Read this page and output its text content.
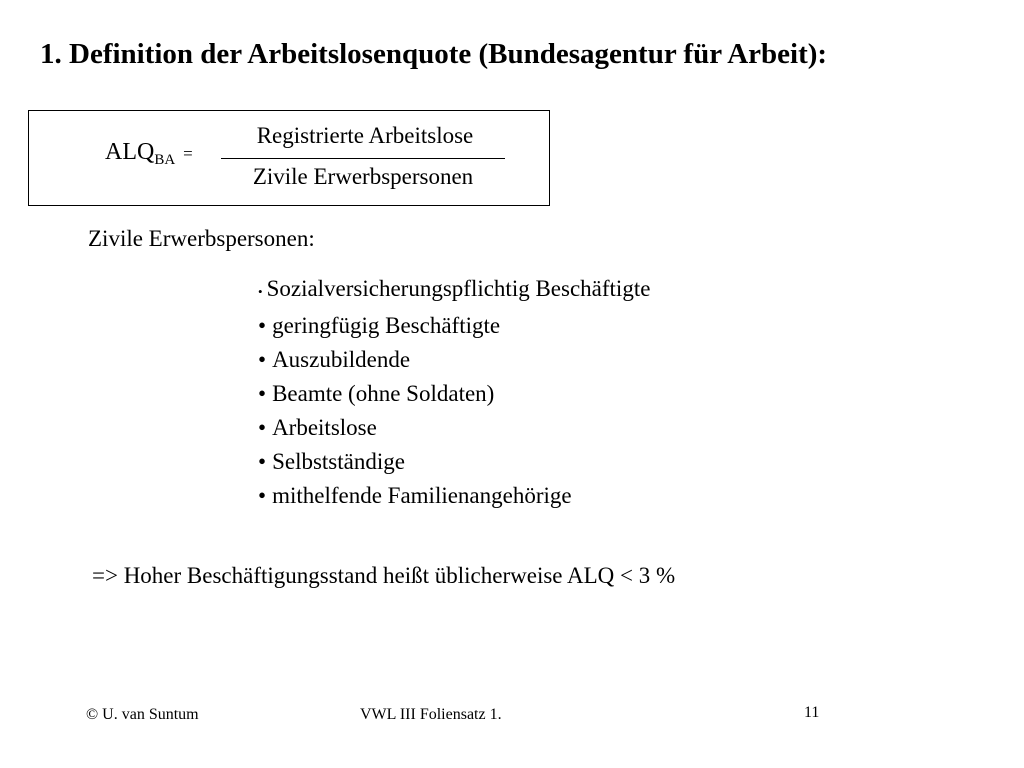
1. Definition der Arbeitslosenquote (Bundesagentur für Arbeit):
$ALQ_{BA}$ =
Registrierte Arbeitslose
Zivile Erwerbspersonen
Zivile Erwerbspersonen:
• Sozialversicherungspflichtig Beschäftigte
• geringfügig Beschäftigte
• Auszubildende
• Beamte (ohne Soldaten)
• Arbeitslose
• Selbstständige
• mithelfende Familienangehörige
=> Hoher Beschäftigungsstand heißt üblicherweise ALQ < 3 %
© U. van Suntum	VWL III Foliensatz 1.	11
